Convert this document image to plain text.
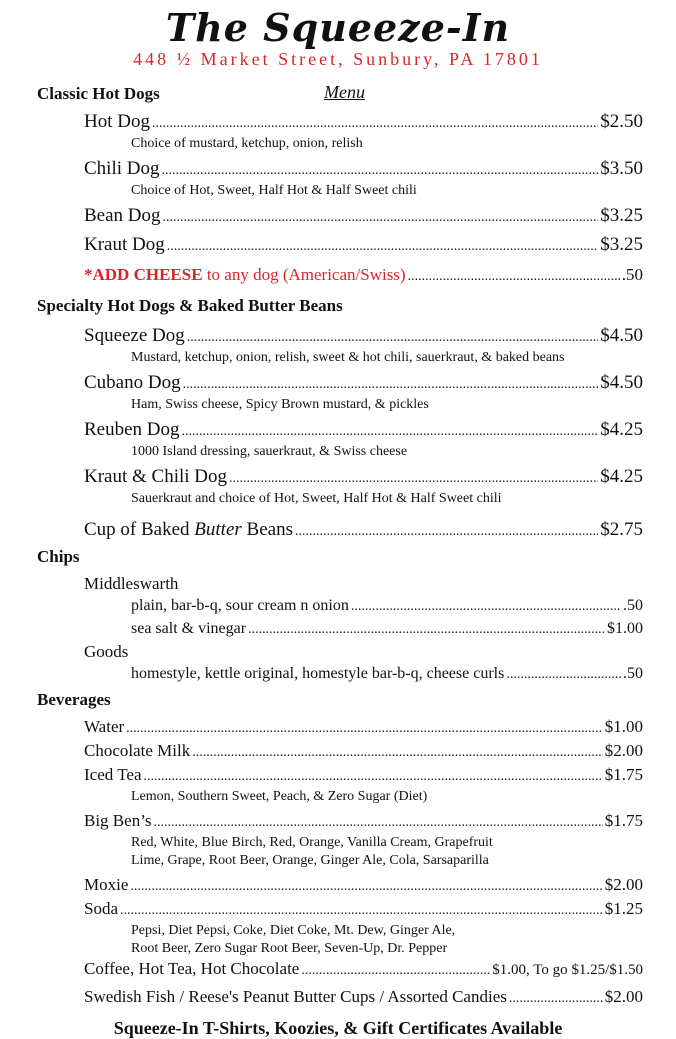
The Squeeze-In
448 ½ Market Street, Sunbury, PA 17801
Classic Hot Dogs	Menu
Hot Dog .....	$2.50
Choice of mustard, ketchup, onion, relish
Chili Dog .....	$3.50
Choice of Hot, Sweet, Half Hot & Half Sweet chili
Bean Dog .....	$3.25
Kraut Dog .....	$3.25
*ADD CHEESE to any dog (American/Swiss) .....	.50
Specialty Hot Dogs & Baked Butter Beans
Squeeze Dog .....	$4.50
Mustard, ketchup, onion, relish, sweet & hot chili, sauerkraut, & baked beans
Cubano Dog .....	$4.50
Ham, Swiss cheese, Spicy Brown mustard, & pickles
Reuben Dog .....	$4.25
1000 Island dressing, sauerkraut, & Swiss cheese
Kraut & Chili Dog .....	$4.25
Sauerkraut and choice of Hot, Sweet, Half Hot & Half Sweet chili
Cup of Baked Butter Beans .....	$2.75
Chips
Middleswarth
plain, bar-b-q, sour cream n onion .....	.50
sea salt & vinegar .....	$1.00
Goods
homestyle, kettle original, homestyle bar-b-q, cheese curls .....	.50
Beverages
Water .....	$1.00
Chocolate Milk .....	$2.00
Iced Tea .....	$1.75
Lemon, Southern Sweet, Peach, & Zero Sugar (Diet)
Big Ben’s .....	$1.75
Red, White, Blue Birch, Red, Orange, Vanilla Cream, Grapefruit
Lime, Grape, Root Beer, Orange, Ginger Ale, Cola, Sarsaparilla
Moxie .....	$2.00
Soda .....	$1.25
Pepsi, Diet Pepsi, Coke, Diet Coke, Mt. Dew, Ginger Ale,
Root Beer, Zero Sugar Root Beer, Seven-Up, Dr. Pepper
Coffee, Hot Tea, Hot Chocolate .....	$1.00, To go $1.25/$1.50
Swedish Fish / Reese's Peanut Butter Cups / Assorted Candies .....	$2.00
Squeeze-In T-Shirts, Koozies, & Gift Certificates Available
